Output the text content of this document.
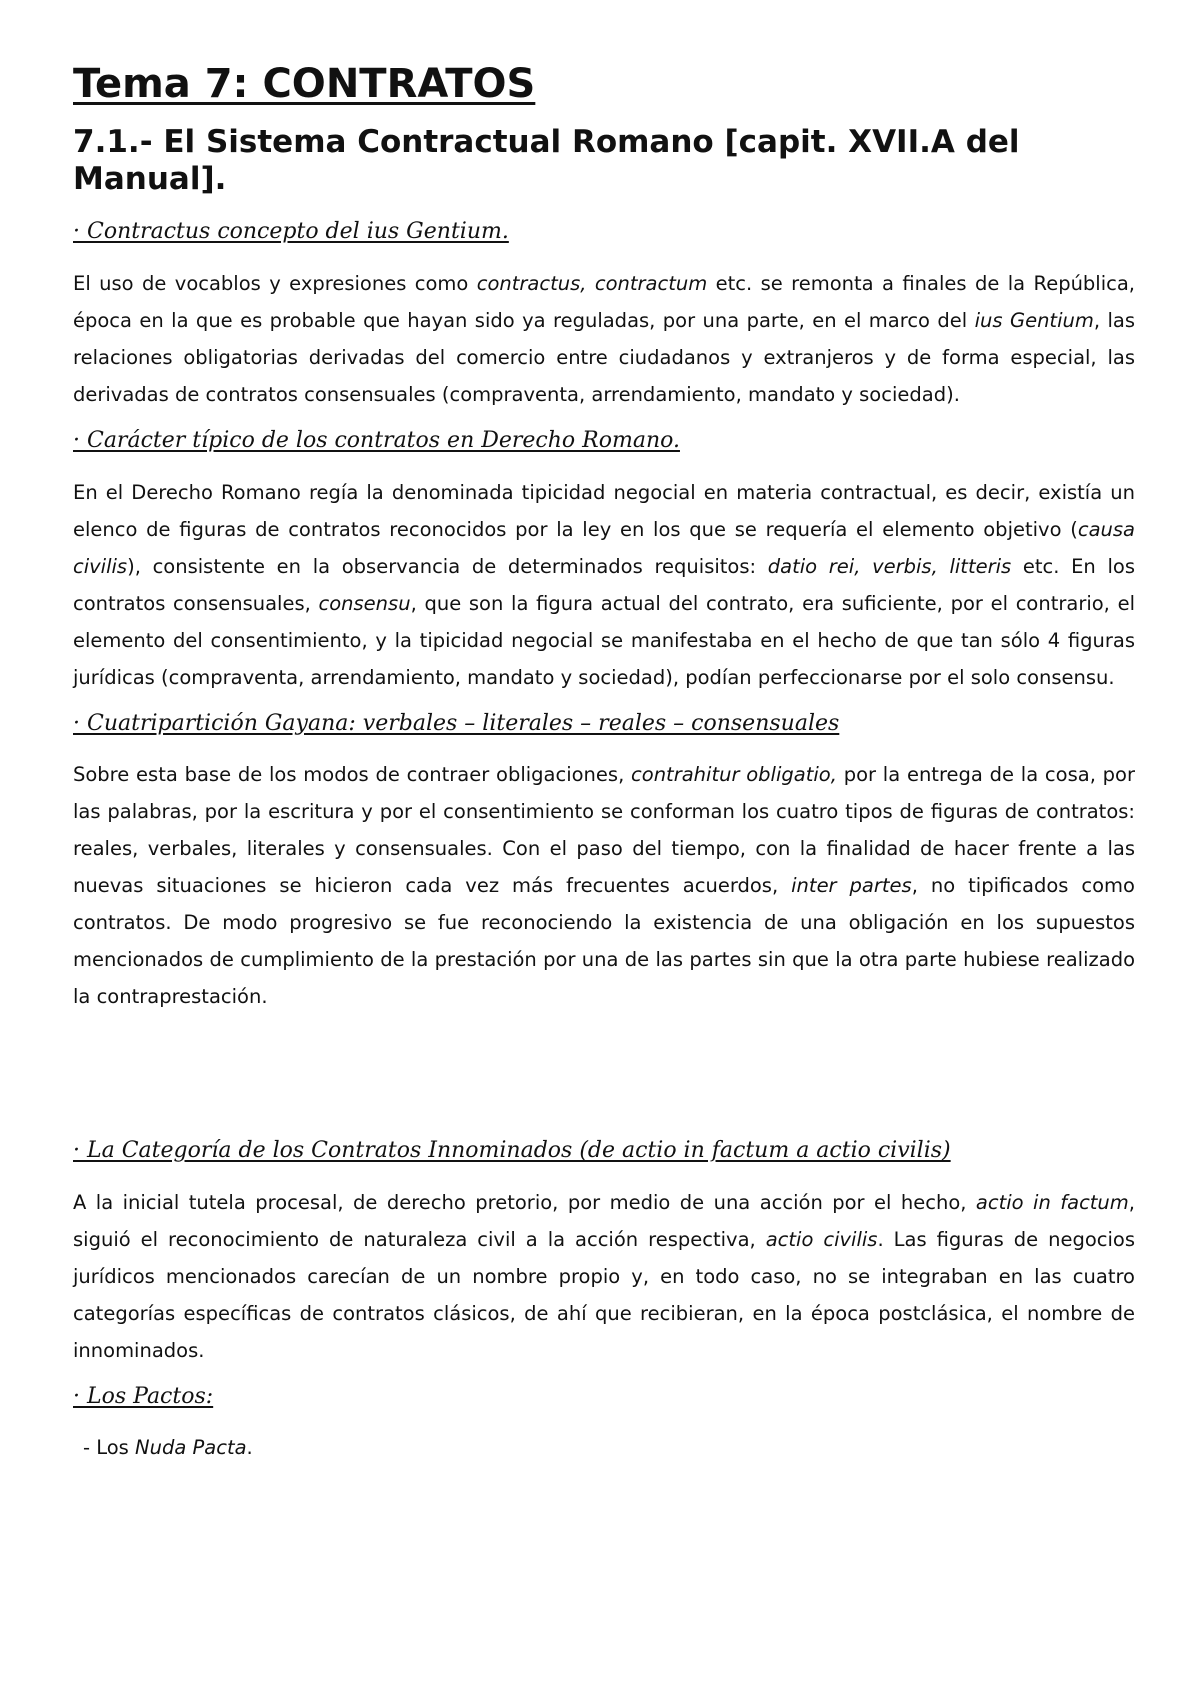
Tema 7: CONTRATOS
7.1.- El Sistema Contractual Romano [capit. XVII.A del Manual].
· Contractus concepto del ius Gentium.

El uso de vocablos y expresiones como contractus, contractum etc. se remonta a finales de la República, época en la que es probable que hayan sido ya reguladas, por una parte, en el marco del ius Gentium, las relaciones obligatorias derivadas del comercio entre ciudadanos y extranjeros y de forma especial, las derivadas de contratos consensuales (compraventa, arrendamiento, mandato y sociedad).

· Carácter típico de los contratos en Derecho Romano.

En el Derecho Romano regía la denominada tipicidad negocial en materia contractual, es decir, existía un elenco de figuras de contratos reconocidos por la ley en los que se requería el elemento objetivo (causa civilis), consistente en la observancia de determinados requisitos: datio rei, verbis, litteris etc. En los contratos consensuales, consensu, que son la figura actual del contrato, era suficiente, por el contrario, el elemento del consentimiento, y la tipicidad negocial se manifestaba en el hecho de que tan sólo 4 figuras jurídicas (compraventa, arrendamiento, mandato y sociedad), podían perfeccionarse por el solo consensu.

· Cuatripartición Gayana: verbales – literales – reales – consensuales

Sobre esta base de los modos de contraer obligaciones, contrahitur obligatio, por la entrega de la cosa, por las palabras, por la escritura y por el consentimiento se conforman los cuatro tipos de figuras de contratos: reales, verbales, literales y consensuales. Con el paso del tiempo, con la finalidad de hacer frente a las nuevas situaciones se hicieron cada vez más frecuentes acuerdos, inter partes, no tipificados como contratos. De modo progresivo se fue reconociendo la existencia de una obligación en los supuestos mencionados de cumplimiento de la prestación por una de las partes sin que la otra parte hubiese realizado la contraprestación.

· La Categoría de los Contratos Innominados (de actio in factum a actio civilis)

A la inicial tutela procesal, de derecho pretorio, por medio de una acción por el hecho, actio in factum, siguió el reconocimiento de naturaleza civil a la acción respectiva, actio civilis. Las figuras de negocios jurídicos mencionados carecían de un nombre propio y, en todo caso, no se integraban en las cuatro categorías específicas de contratos clásicos, de ahí que recibieran, en la época postclásica, el nombre de innominados.

· Los Pactos:
- Los Nuda Pacta.
